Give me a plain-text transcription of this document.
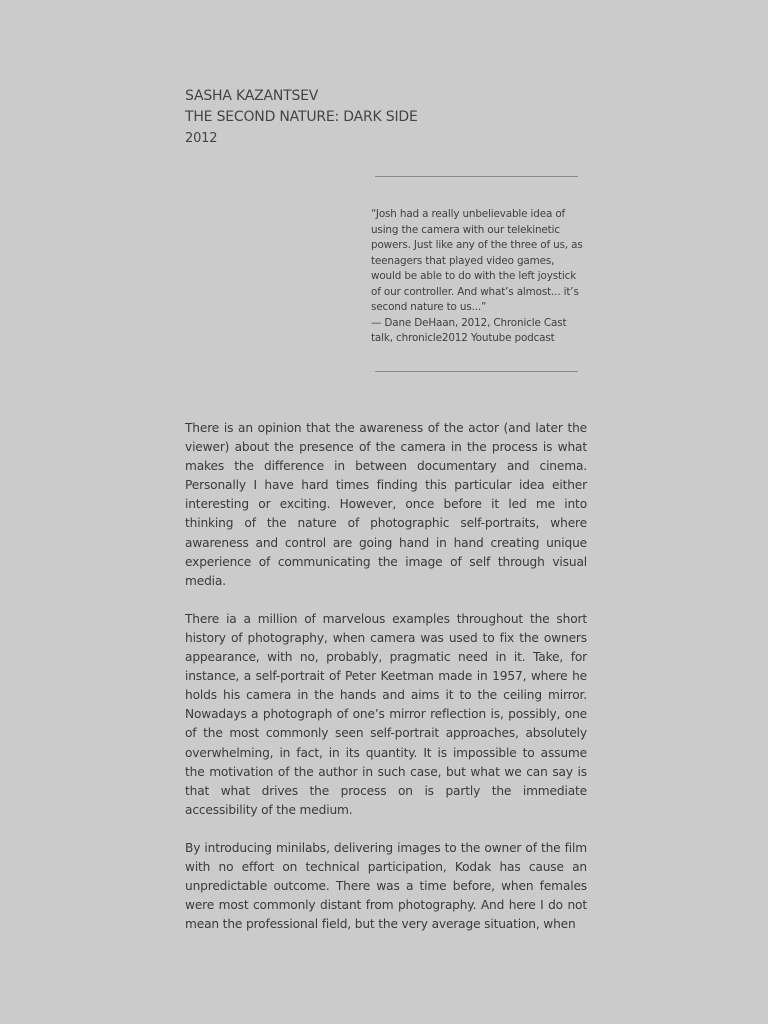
SASHA KAZANTSEV
THE SECOND NATURE: DARK SIDE
2012

“Josh had a really unbelievable idea of using the camera with our telekinetic powers. Just like any of the three of us, as teenagers that played video games, would be able to do with the left joystick of our controller. And what’s almost... it’s second nature to us...”

— Dane DeHaan, 2012, Chronicle Cast talk, chronicle2012 Youtube podcast

There is an opinion that the awareness of the actor (and later the viewer) about the presence of the camera in the process is what makes the difference in between documentary and cinema. Personally I have hard times finding this particular idea either interesting or exciting. However, once before it led me into thinking of the nature of photographic self-portraits, where awareness and control are going hand in hand creating unique experience of communicating the image of self through visual media.

There ia a million of marvelous examples throughout the short history of photography, when camera was used to fix the owners appearance, with no, probably, pragmatic need in it. Take, for instance, a self-portrait of Peter Keetman made in 1957, where he holds his camera in the hands and aims it to the ceiling mirror. Nowadays a photograph of one’s mirror reflection is, possibly, one of the most commonly seen self-portrait approaches, absolutely overwhelming, in fact, in its quantity. It is impossible to assume the motivation of the author in such case, but what we can say is that what drives the process on is partly the immediate accessibility of the medium.

By introducing minilabs, delivering images to the owner of the film with no effort on technical participation, Kodak has cause an unpredictable outcome. There was a time before, when females were most commonly distant from photography. And here I do not mean the professional field, but the very average situation, when
